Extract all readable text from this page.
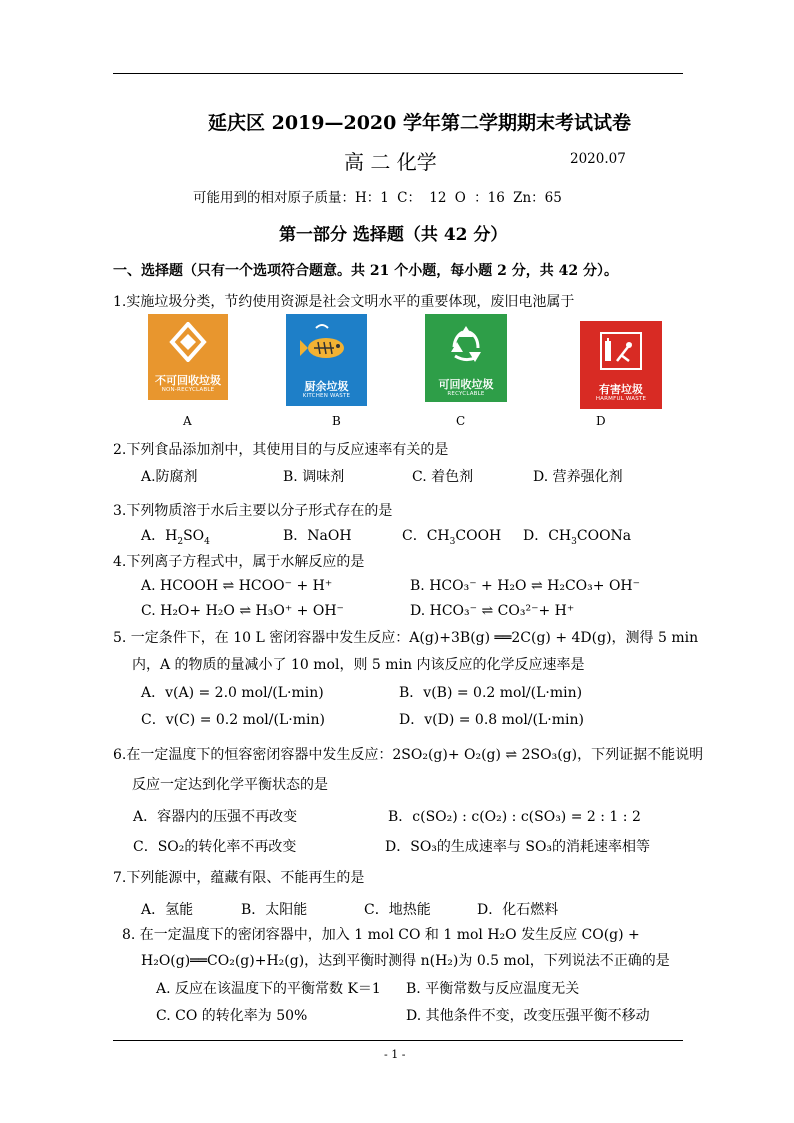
延庆区 2019—2020 学年第二学期期末考试试卷
高 二 化学	2020.07
可能用到的相对原子质量：H：1 C： 12 O ：16 Zn：65
第一部分 选择题（共 42 分）
一、选择题（只有一个选项符合题意。共 21 个小题，每小题 2 分，共 42 分）。
1.实施垃圾分类，节约使用资源是社会文明水平的重要体现，废旧电池属于
不可回收垃圾
NON-RECYCLABLE
A
厨余垃圾
KITCHEN WASTE
B
可回收垃圾
RECYCLABLE
C
有害垃圾
HARMFUL WASTE
D
2.下列食品添加剂中，其使用目的与反应速率有关的是
A.防腐剂	B. 调味剂	C. 着色剂	D. 营养强化剂
3.下列物质溶于水后主要以分子形式存在的是
A．$H_2SO_4$	B．NaOH	C．$CH_3COOH$ D．$CH_3COONa$
4.下列离子方程式中，属于水解反应的是
A. HCOOH ⇌ HCOO⁻ + H⁺	B. HCO₃⁻ + H₂O ⇌ H₂CO₃+ OH⁻
C. H₂O+ H₂O ⇌ H₃O⁺ + OH⁻	D. HCO₃⁻ ⇌ CO₃²⁻+ H⁺
5. 一定条件下，在 10 L 密闭容器中发生反应：A(g)+3B(g) ══2C(g) + 4D(g)，测得 5 min
内，A 的物质的量减小了 10 mol，则 5 min 内该反应的化学反应速率是
A．v(A) = 2.0 mol/(L·min)	B．v(B) = 0.2 mol/(L·min)
C．v(C) = 0.2 mol/(L·min)	D．v(D) = 0.8 mol/(L·min)
6.在一定温度下的恒容密闭容器中发生反应：2SO₂(g)+ O₂(g) ⇌ 2SO₃(g)，下列证据不能说明
反应一定达到化学平衡状态的是
A．容器内的压强不再改变	B．c(SO₂) : c(O₂) : c(SO₃) = 2 : 1 : 2
C．SO₂的转化率不再改变	D．SO₃的生成速率与 SO₃的消耗速率相等
7.下列能源中，蕴藏有限、不能再生的是
A．氢能	B．太阳能	C．地热能	D．化石燃料
8. 在一定温度下的密闭容器中，加入 1 mol CO 和 1 mol H₂O 发生反应 CO(g) +
H₂O(g)══CO₂(g)+H₂(g)，达到平衡时测得 n(H₂)为 0.5 mol，下列说法不正确的是
A. 反应在该温度下的平衡常数 K＝1 B. 平衡常数与反应温度无关
C. CO 的转化率为 50%	D. 其他条件不变，改变压强平衡不移动
- 1 -
